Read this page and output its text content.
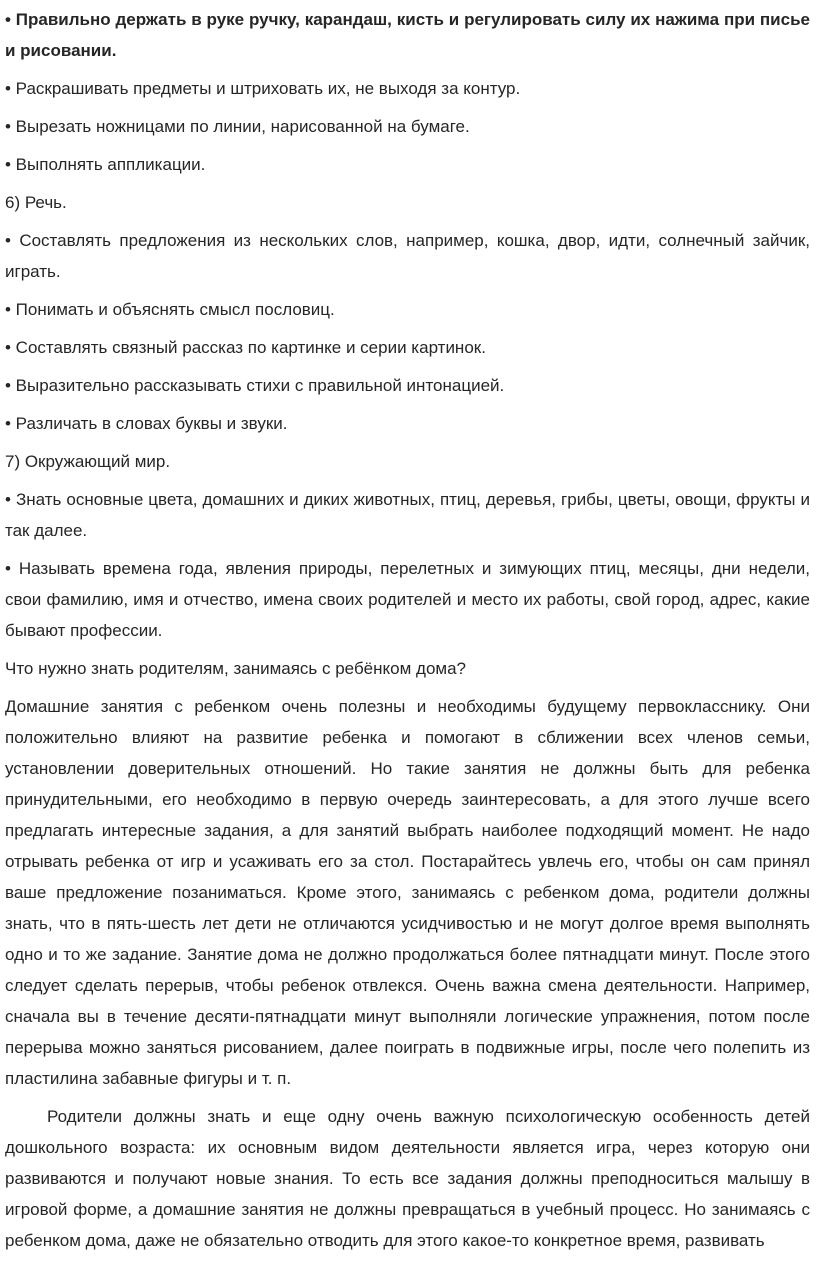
• Правильно держать в руке ручку, карандаш, кисть и регулировать силу их нажима при писье и рисовании.

• Раскрашивать предметы и штриховать их, не выходя за контур.

• Вырезать ножницами по линии, нарисованной на бумаге.

• Выполнять аппликации.

6) Речь.

• Составлять предложения из нескольких слов, например, кошка, двор, идти, солнечный зайчик, играть.

• Понимать и объяснять смысл пословиц.

• Составлять связный рассказ по картинке и серии картинок.

• Выразительно рассказывать стихи с правильной интонацией.

• Различать в словах буквы и звуки.

7) Окружающий мир.

• Знать основные цвета, домашних и диких животных, птиц, деревья, грибы, цветы, овощи, фрукты и так далее.

• Называть времена года, явления природы, перелетных и зимующих птиц, месяцы, дни недели, свои фамилию, имя и отчество, имена своих родителей и место их работы, свой город, адрес, какие бывают профессии.

Что нужно знать родителям, занимаясь с ребёнком дома?

Домашние занятия с ребенком очень полезны и необходимы будущему первокласснику. Они положительно влияют на развитие ребенка и помогают в сближении всех членов семьи, установлении доверительных отношений. Но такие занятия не должны быть для ребенка принудительными, его необходимо в первую очередь заинтересовать, а для этого лучше всего предлагать интересные задания, а для занятий выбрать наиболее подходящий момент. Не надо отрывать ребенка от игр и усаживать его за стол. Постарайтесь увлечь его, чтобы он сам принял ваше предложение позаниматься. Кроме этого, занимаясь с ребенком дома, родители должны знать, что в пять-шесть лет дети не отличаются усидчивостью и не могут долгое время выполнять одно и то же задание. Занятие дома не должно продолжаться более пятнадцати минут. После этого следует сделать перерыв, чтобы ребенок отвлекся. Очень важна смена деятельности. Например, сначала вы в течение десяти-пятнадцати минут выполняли логические упражнения, потом после перерыва можно заняться рисованием, далее поиграть в подвижные игры, после чего полепить из пластилина забавные фигуры и т. п.

Родители должны знать и еще одну очень важную психологическую особенность детей дошкольного возраста: их основным видом деятельности является игра, через которую они развиваются и получают новые знания. То есть все задания должны преподноситься малышу в игровой форме, а домашние занятия не должны превращаться в учебный процесс. Но занимаясь с ребенком дома, даже не обязательно отводить для этого какое-то конкретное время, развивать
